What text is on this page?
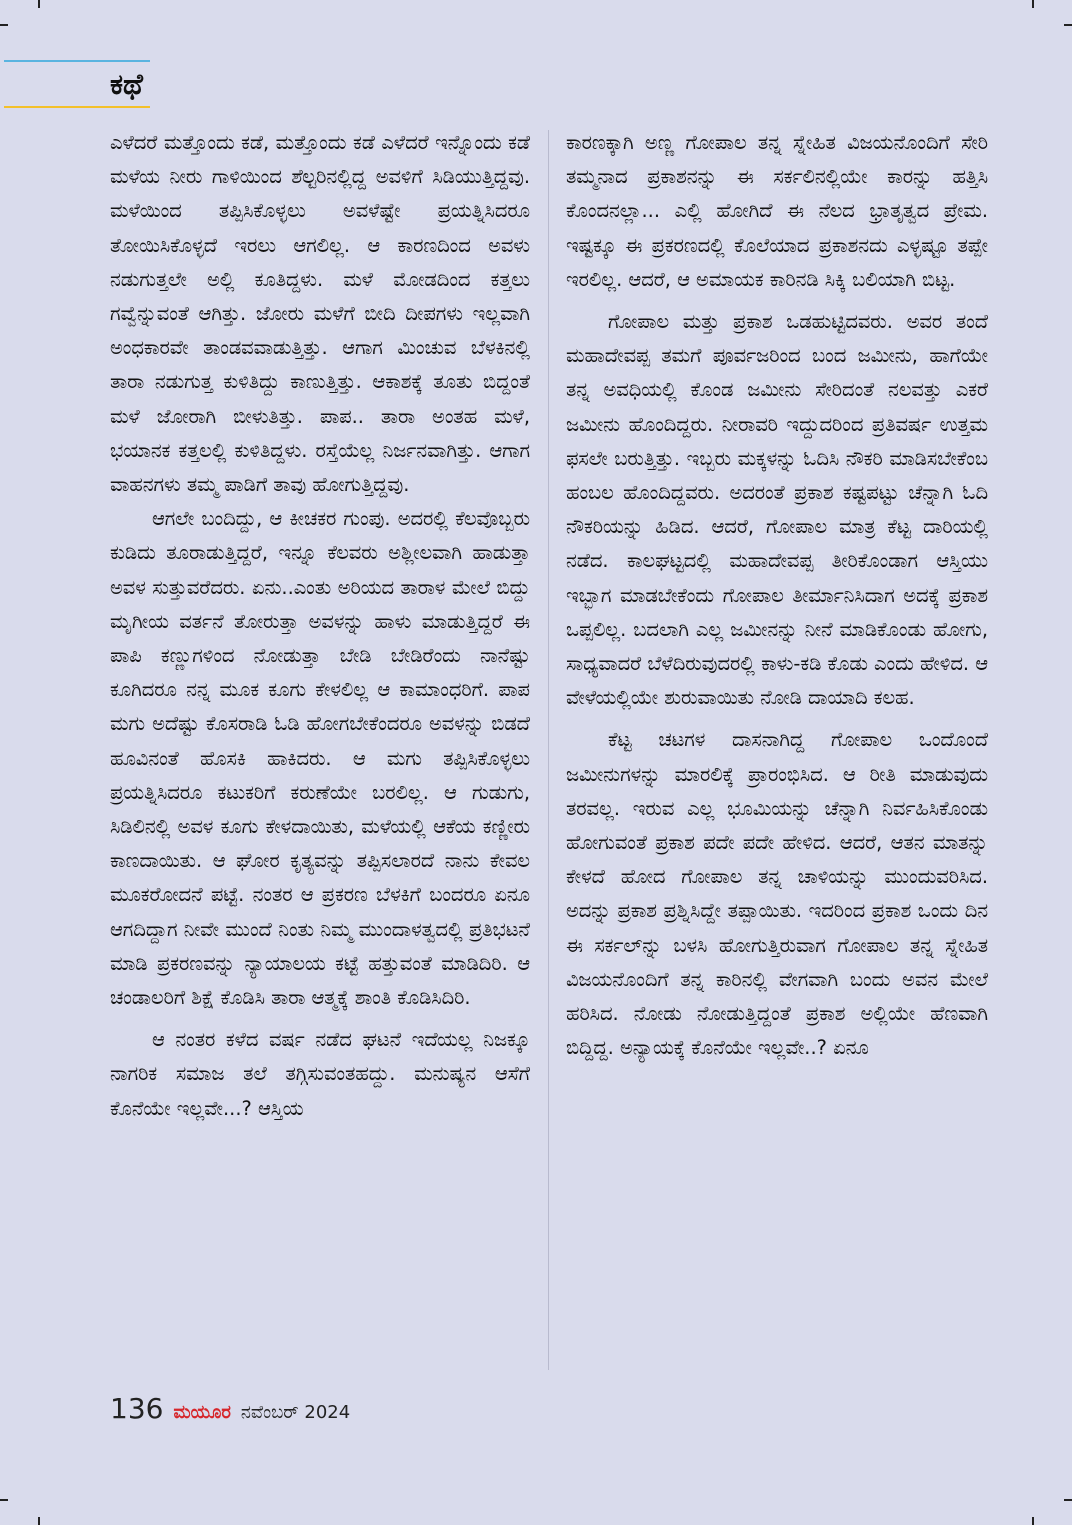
ಕಥೆ

ಎಳೆದರೆ ಮತ್ತೊಂದು ಕಡೆ, ಮತ್ತೊಂದು ಕಡೆ ಎಳೆದರೆ ಇನ್ನೊಂದು ಕಡೆ ಮಳೆಯ ನೀರು ಗಾಳಿಯಿಂದ ಶೆಲ್ಟರಿನಲ್ಲಿದ್ದ ಅವಳಿಗೆ ಸಿಡಿಯುತ್ತಿದ್ದವು. ಮಳೆಯಿಂದ ತಪ್ಪಿಸಿಕೊಳ್ಳಲು ಅವಳೆಷ್ಟೇ ಪ್ರಯತ್ನಿಸಿದರೂ ತೋಯಿಸಿಕೊಳ್ಳದೆ ಇರಲು ಆಗಲಿಲ್ಲ. ಆ ಕಾರಣದಿಂದ ಅವಳು ನಡುಗುತ್ತಲೇ ಅಲ್ಲಿ ಕೂತಿದ್ದಳು. ಮಳೆ ಮೋಡದಿಂದ ಕತ್ತಲು ಗವ್ವೆನ್ನುವಂತೆ ಆಗಿತ್ತು. ಜೋರು ಮಳೆಗೆ ಬೀದಿ ದೀಪಗಳು ಇಲ್ಲವಾಗಿ ಅಂಧಕಾರವೇ ತಾಂಡವವಾಡುತ್ತಿತ್ತು. ಆಗಾಗ ಮಿಂಚುವ ಬೆಳಕಿನಲ್ಲಿ ತಾರಾ ನಡುಗುತ್ತ ಕುಳಿತಿದ್ದು ಕಾಣುತ್ತಿತ್ತು. ಆಕಾಶಕ್ಕೆ ತೂತು ಬಿದ್ದಂತೆ ಮಳೆ ಜೋರಾಗಿ ಬೀಳುತಿತ್ತು. ಪಾಪ.. ತಾರಾ ಅಂತಹ ಮಳೆ, ಭಯಾನಕ ಕತ್ತಲಲ್ಲಿ ಕುಳಿತಿದ್ದಳು. ರಸ್ತೆಯೆಲ್ಲ ನಿರ್ಜನವಾಗಿತ್ತು. ಆಗಾಗ ವಾಹನಗಳು ತಮ್ಮ ಪಾಡಿಗೆ ತಾವು ಹೋಗುತ್ತಿದ್ದವು.

ಆಗಲೇ ಬಂದಿದ್ದು, ಆ ಕೀಚಕರ ಗುಂಪು. ಅದರಲ್ಲಿ ಕೆಲವೊಬ್ಬರು ಕುಡಿದು ತೂರಾಡುತ್ತಿದ್ದರೆ, ಇನ್ನೂ ಕೆಲವರು ಅಶ್ಲೀಲವಾಗಿ ಹಾಡುತ್ತಾ ಅವಳ ಸುತ್ತುವರೆದರು. ಏನು..ಎಂತು ಅರಿಯದ ತಾರಾಳ ಮೇಲೆ ಬಿದ್ದು ಮೃಗೀಯ ವರ್ತನೆ ತೋರುತ್ತಾ ಅವಳನ್ನು ಹಾಳು ಮಾಡುತ್ತಿದ್ದರೆ ಈ ಪಾಪಿ ಕಣ್ಣುಗಳಿಂದ ನೋಡುತ್ತಾ ಬೇಡಿ ಬೇಡಿರೆಂದು ನಾನೆಷ್ಟು ಕೂಗಿದರೂ ನನ್ನ ಮೂಕ ಕೂಗು ಕೇಳಲಿಲ್ಲ ಆ ಕಾಮಾಂಧರಿಗೆ. ಪಾಪ ಮಗು ಅದೆಷ್ಟು ಕೊಸರಾಡಿ ಓಡಿ ಹೋಗಬೇಕೆಂದರೂ ಅವಳನ್ನು ಬಿಡದೆ ಹೂವಿನಂತೆ ಹೊಸಕಿ ಹಾಕಿದರು. ಆ ಮಗು ತಪ್ಪಿಸಿಕೊಳ್ಳಲು ಪ್ರಯತ್ನಿಸಿದರೂ ಕಟುಕರಿಗೆ ಕರುಣೆಯೇ ಬರಲಿಲ್ಲ. ಆ ಗುಡುಗು, ಸಿಡಿಲಿನಲ್ಲಿ ಅವಳ ಕೂಗು ಕೇಳದಾಯಿತು, ಮಳೆಯಲ್ಲಿ ಆಕೆಯ ಕಣ್ಣೀರು ಕಾಣದಾಯಿತು. ಆ ಘೋರ ಕೃತ್ಯವನ್ನು ತಪ್ಪಿಸಲಾರದೆ ನಾನು ಕೇವಲ ಮೂಕರೋದನೆ ಪಟ್ಟೆ. ನಂತರ ಆ ಪ್ರಕರಣ ಬೆಳಕಿಗೆ ಬಂದರೂ ಏನೂ ಆಗದಿದ್ದಾಗ ನೀವೇ ಮುಂದೆ ನಿಂತು ನಿಮ್ಮ ಮುಂದಾಳತ್ವದಲ್ಲಿ ಪ್ರತಿಭಟನೆ ಮಾಡಿ ಪ್ರಕರಣವನ್ನು ನ್ಯಾಯಾಲಯ ಕಟ್ಟೆ ಹತ್ತುವಂತೆ ಮಾಡಿದಿರಿ. ಆ ಚಂಡಾಲರಿಗೆ ಶಿಕ್ಷೆ ಕೊಡಿಸಿ ತಾರಾ ಆತ್ಮಕ್ಕೆ ಶಾಂತಿ ಕೊಡಿಸಿದಿರಿ.

ಆ ನಂತರ ಕಳೆದ ವರ್ಷ ನಡೆದ ಘಟನೆ ಇದೆಯಲ್ಲ ನಿಜಕ್ಕೂ ನಾಗರಿಕ ಸಮಾಜ ತಲೆ ತಗ್ಗಿಸುವಂತಹದ್ದು. ಮನುಷ್ಯನ ಆಸೆಗೆ ಕೊನೆಯೇ ಇಲ್ಲವೇ...? ಆಸ್ತಿಯ

ಕಾರಣಕ್ಕಾಗಿ ಅಣ್ಣ ಗೋಪಾಲ ತನ್ನ ಸ್ನೇಹಿತ ವಿಜಯನೊಂದಿಗೆ ಸೇರಿ ತಮ್ಮನಾದ ಪ್ರಕಾಶನನ್ನು ಈ ಸರ್ಕಲಿನಲ್ಲಿಯೇ ಕಾರನ್ನು ಹತ್ತಿಸಿ ಕೊಂದನಲ್ಲಾ... ಎಲ್ಲಿ ಹೋಗಿದೆ ಈ ನೆಲದ ಭ್ರಾತೃತ್ವದ ಪ್ರೇಮ. ಇಷ್ಟಕ್ಕೂ ಈ ಪ್ರಕರಣದಲ್ಲಿ ಕೊಲೆಯಾದ ಪ್ರಕಾಶನದು ಎಳ್ಳಷ್ಟೂ ತಪ್ಪೇ ಇರಲಿಲ್ಲ. ಆದರೆ, ಆ ಅಮಾಯಕ ಕಾರಿನಡಿ ಸಿಕ್ಕಿ ಬಲಿಯಾಗಿ ಬಿಟ್ಟ.

ಗೋಪಾಲ ಮತ್ತು ಪ್ರಕಾಶ ಒಡಹುಟ್ಟಿದವರು. ಅವರ ತಂದೆ ಮಹಾದೇವಪ್ಪ ತಮಗೆ ಪೂರ್ವಜರಿಂದ ಬಂದ ಜಮೀನು, ಹಾಗೆಯೇ ತನ್ನ ಅವಧಿಯಲ್ಲಿ ಕೊಂಡ ಜಮೀನು ಸೇರಿದಂತೆ ನಲವತ್ತು ಎಕರೆ ಜಮೀನು ಹೊಂದಿದ್ದರು. ನೀರಾವರಿ ಇದ್ದುದರಿಂದ ಪ್ರತಿವರ್ಷ ಉತ್ತಮ ಫಸಲೇ ಬರುತ್ತಿತ್ತು. ಇಬ್ಬರು ಮಕ್ಕಳನ್ನು ಓದಿಸಿ ನೌಕರಿ ಮಾಡಿಸಬೇಕೆಂಬ ಹಂಬಲ ಹೊಂದಿದ್ದವರು. ಅದರಂತೆ ಪ್ರಕಾಶ ಕಷ್ಟಪಟ್ಟು ಚೆನ್ನಾಗಿ ಓದಿ ನೌಕರಿಯನ್ನು ಹಿಡಿದ. ಆದರೆ, ಗೋಪಾಲ ಮಾತ್ರ ಕೆಟ್ಟ ದಾರಿಯಲ್ಲಿ ನಡೆದ. ಕಾಲಘಟ್ಟದಲ್ಲಿ ಮಹಾದೇವಪ್ಪ ತೀರಿಕೊಂಡಾಗ ಆಸ್ತಿಯು ಇಬ್ಭಾಗ ಮಾಡಬೇಕೆಂದು ಗೋಪಾಲ ತೀರ್ಮಾನಿಸಿದಾಗ ಅದಕ್ಕೆ ಪ್ರಕಾಶ ಒಪ್ಪಲಿಲ್ಲ. ಬದಲಾಗಿ ಎಲ್ಲ ಜಮೀನನ್ನು ನೀನೆ ಮಾಡಿಕೊಂಡು ಹೋಗು, ಸಾಧ್ಯವಾದರೆ ಬೆಳೆದಿರುವುದರಲ್ಲಿ ಕಾಳು-ಕಡಿ ಕೊಡು ಎಂದು ಹೇಳಿದ. ಆ ವೇಳೆಯಲ್ಲಿಯೇ ಶುರುವಾಯಿತು ನೋಡಿ ದಾಯಾದಿ ಕಲಹ.

ಕೆಟ್ಟ ಚಟಗಳ ದಾಸನಾಗಿದ್ದ ಗೋಪಾಲ ಒಂದೊಂದೆ ಜಮೀನುಗಳನ್ನು ಮಾರಲಿಕ್ಕೆ ಪ್ರಾರಂಭಿಸಿದ. ಆ ರೀತಿ ಮಾಡುವುದು ತರವಲ್ಲ. ಇರುವ ಎಲ್ಲ ಭೂಮಿಯನ್ನು ಚೆನ್ನಾಗಿ ನಿರ್ವಹಿಸಿಕೊಂಡು ಹೋಗುವಂತೆ ಪ್ರಕಾಶ ಪದೇ ಪದೇ ಹೇಳಿದ. ಆದರೆ, ಆತನ ಮಾತನ್ನು ಕೇಳದೆ ಹೋದ ಗೋಪಾಲ ತನ್ನ ಚಾಳಿಯನ್ನು ಮುಂದುವರಿಸಿದ. ಅದನ್ನು ಪ್ರಕಾಶ ಪ್ರಶ್ನಿಸಿದ್ದೇ ತಪ್ಪಾಯಿತು. ಇದರಿಂದ ಪ್ರಕಾಶ ಒಂದು ದಿನ ಈ ಸರ್ಕಲ್‌ನ್ನು ಬಳಸಿ ಹೋಗುತ್ತಿರುವಾಗ ಗೋಪಾಲ ತನ್ನ ಸ್ನೇಹಿತ ವಿಜಯನೊಂದಿಗೆ ತನ್ನ ಕಾರಿನಲ್ಲಿ ವೇಗವಾಗಿ ಬಂದು ಅವನ ಮೇಲೆ ಹರಿಸಿದ. ನೋಡು ನೋಡುತ್ತಿದ್ದಂತೆ ಪ್ರಕಾಶ ಅಲ್ಲಿಯೇ ಹೆಣವಾಗಿ ಬಿದ್ದಿದ್ದ. ಅನ್ಯಾಯಕ್ಕೆ ಕೊನೆಯೇ ಇಲ್ಲವೇ..? ಏನೂ

136 ಮಯೂರ ನವೆಂಬರ್ 2024
